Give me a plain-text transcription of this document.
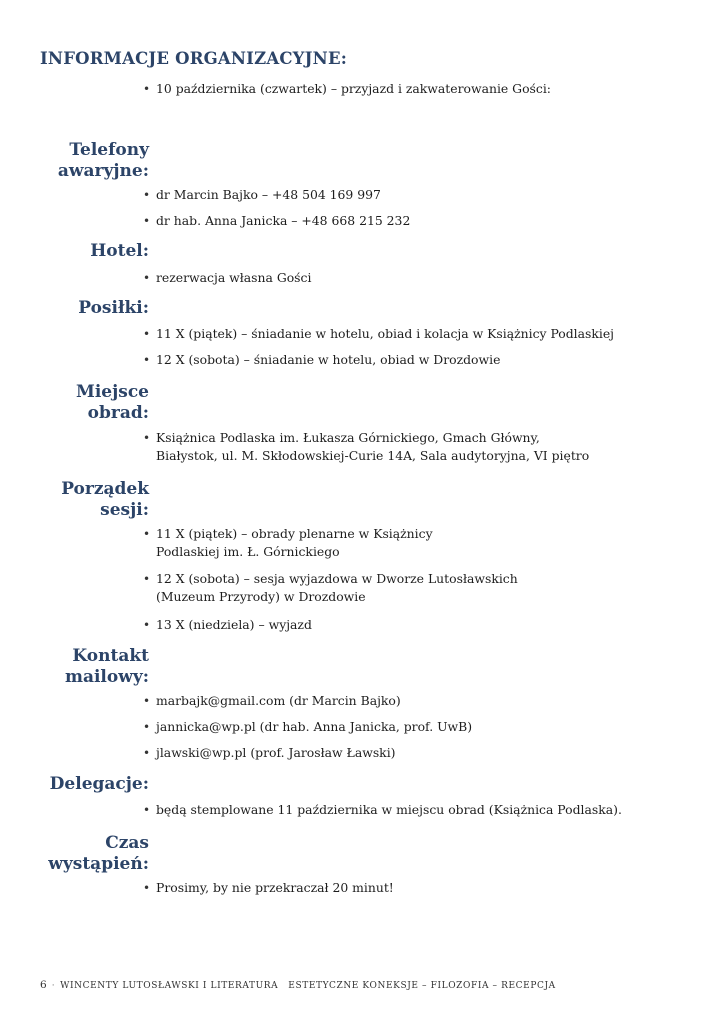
INFORMACJE ORGANIZACYJNE:
• 10 października (czwartek) – przyjazd i zakwaterowanie Gości:
Telefony
awaryjne:
• dr Marcin Bajko – +48 504 169 997
• dr hab. Anna Janicka – +48 668 215 232
Hotel:
• rezerwacja własna Gości
Posiłki:
• 11 X (piątek) – śniadanie w hotelu, obiad i kolacja w Książnicy Podlaskiej
• 12 X (sobota) – śniadanie w hotelu, obiad w Drozdowie
Miejsce
obrad:
• Książnica Podlaska im. Łukasza Górnickiego, Gmach Główny,
Białystok, ul. M. Skłodowskiej-Curie 14A, Sala audytoryjna, VI piętro
Porządek
sesji:
• 11 X (piątek) – obrady plenarne w Książnicy
Podlaskiej im. Ł. Górnickiego
• 12 X (sobota) – sesja wyjazdowa w Dworze Lutosławskich
(Muzeum Przyrody) w Drozdowie
• 13 X (niedziela) – wyjazd
Kontakt
mailowy:
• marbajk@gmail.com (dr Marcin Bajko)
• jannicka@wp.pl (dr hab. Anna Janicka, prof. UwB)
• jlawski@wp.pl (prof. Jarosław Ławski)
Delegacje:
• będą stemplowane 11 października w miejscu obrad (Książnica Podlaska).
Czas
wystąpień:
• Prosimy, by nie przekraczał 20 minut!
6 · WINCENTY LUTOSŁAWSKI I LITERATURA ESTETYCZNE KONEKSJE – FILOZOFIA – RECEPCJA
